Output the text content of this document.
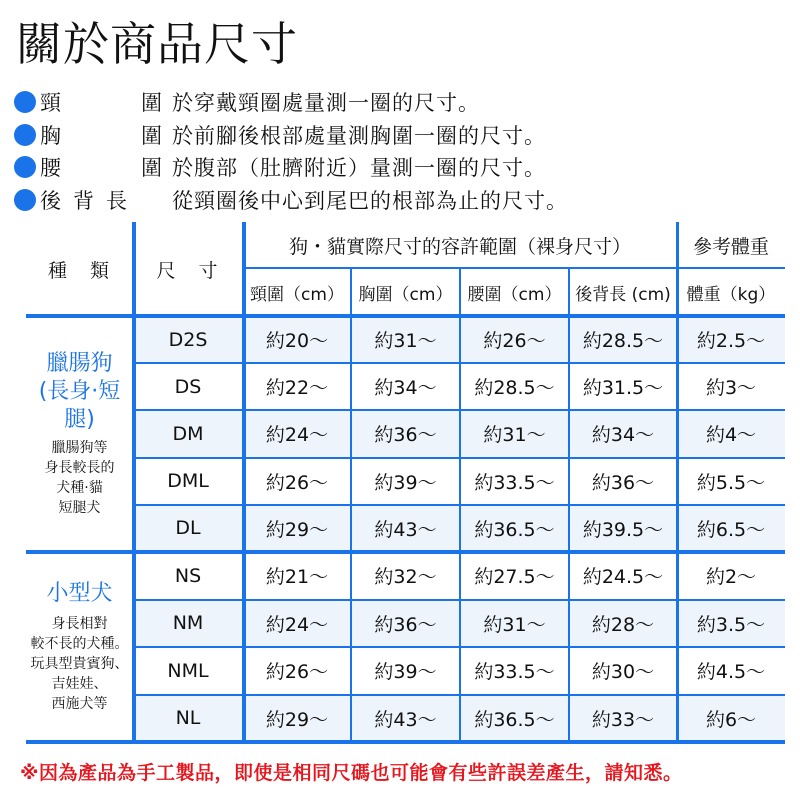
關於商品尺寸
頸	圍 於穿戴頸圈處量測一圈的尺寸。
胸	圍 於前腳後根部處量測胸圍一圈的尺寸。
腰	圍 於腹部（肚臍附近）量測一圈的尺寸。
後 背 長 從頸圈後中心到尾巴的根部為止的尺寸。
種　類	尺　寸
狗・貓實際尺寸的容許範圍（裸身尺寸）	參考體重
頸圍（cm） 胸圍（cm） 腰圍（cm） 後背長 (cm) 體重（kg）
臘腸狗
(長身·短腿)
臘腸狗等
身長較長的
犬種·貓
短腿犬
小型犬
身長相對
較不長的犬種。
玩具型貴賓狗、
吉娃娃、
西施犬等
D2S	約20～	約31～	約26～	約28.5～	約2.5～
DS	約22～	約34～	約28.5～	約31.5～	約3～
DM	約24～	約36～	約31～	約34～	約4～
DML	約26～	約39～	約33.5～	約36～	約5.5～
DL	約29～	約43～	約36.5～	約39.5～	約6.5～
NS	約21～	約32～	約27.5～	約24.5～	約2～
NM	約24～	約36～	約31～	約28～	約3.5～
NML	約26～	約39～	約33.5～	約30～	約4.5～
NL	約29～	約43～	約36.5～	約33～	約6～
※因為產品為手工製品，即使是相同尺碼也可能會有些許誤差產生，請知悉。
